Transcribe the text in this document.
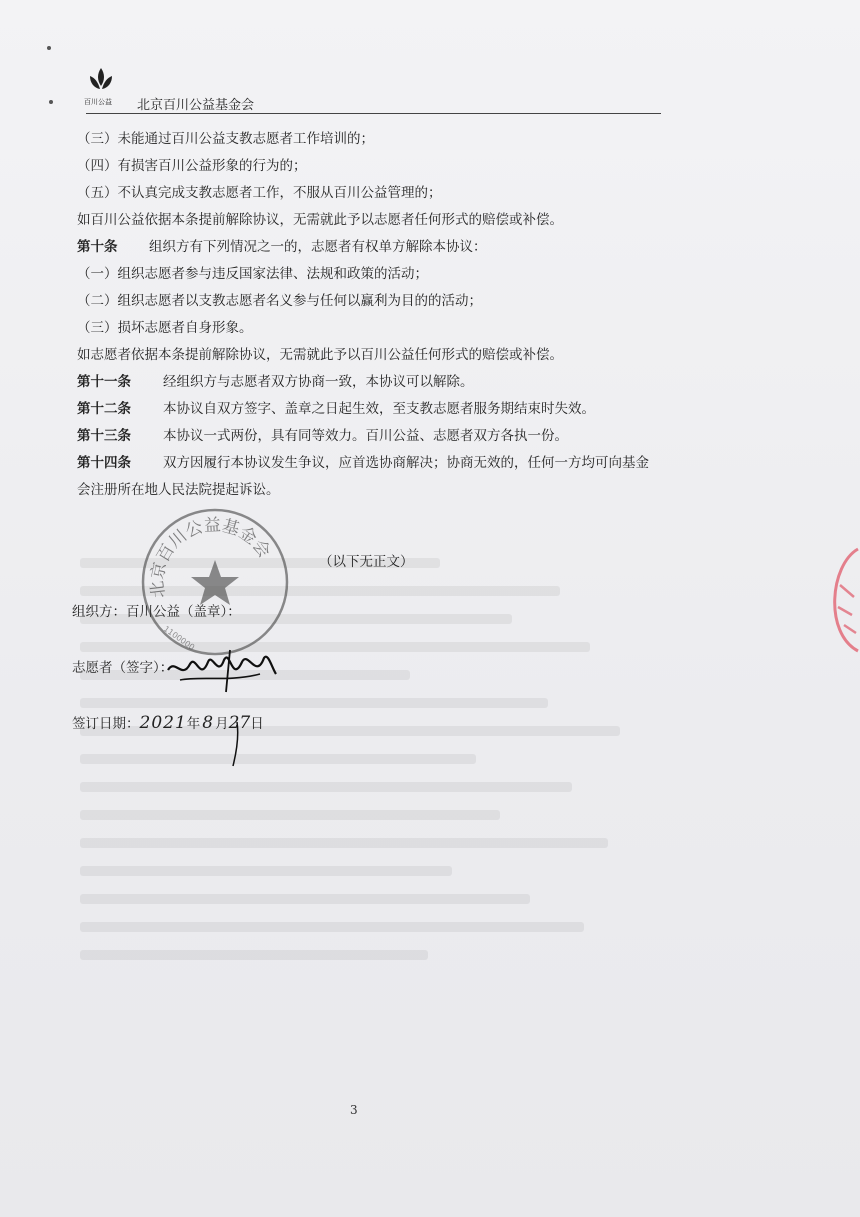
百川公益 北京百川公益基金会
（三）未能通过百川公益支教志愿者工作培训的；
（四）有损害百川公益形象的行为的；
（五）不认真完成支教志愿者工作，不服从百川公益管理的；
如百川公益依据本条提前解除协议，无需就此予以志愿者任何形式的赔偿或补偿。
第十条 组织方有下列情况之一的，志愿者有权单方解除本协议：
（一）组织志愿者参与违反国家法律、法规和政策的活动；
（二）组织志愿者以支教志愿者名义参与任何以赢利为目的的活动；
（三）损坏志愿者自身形象。
如志愿者依据本条提前解除协议，无需就此予以百川公益任何形式的赔偿或补偿。
第十一条 经组织方与志愿者双方协商一致，本协议可以解除。
第十二条 本协议自双方签字、盖章之日起生效，至支教志愿者服务期结束时失效。
第十三条 本协议一式两份，具有同等效力。百川公益、志愿者双方各执一份。
第十四条 双方因履行本协议发生争议，应首选协商解决；协商无效的，任何一方均可向基金会注册所在地人民法院提起诉讼。
北京百川公益基金会
1100000
（以下无正文）
组织方：百川公益（盖章）：
志愿者（签字）：
签订日期：2021年 8 月27日
3
